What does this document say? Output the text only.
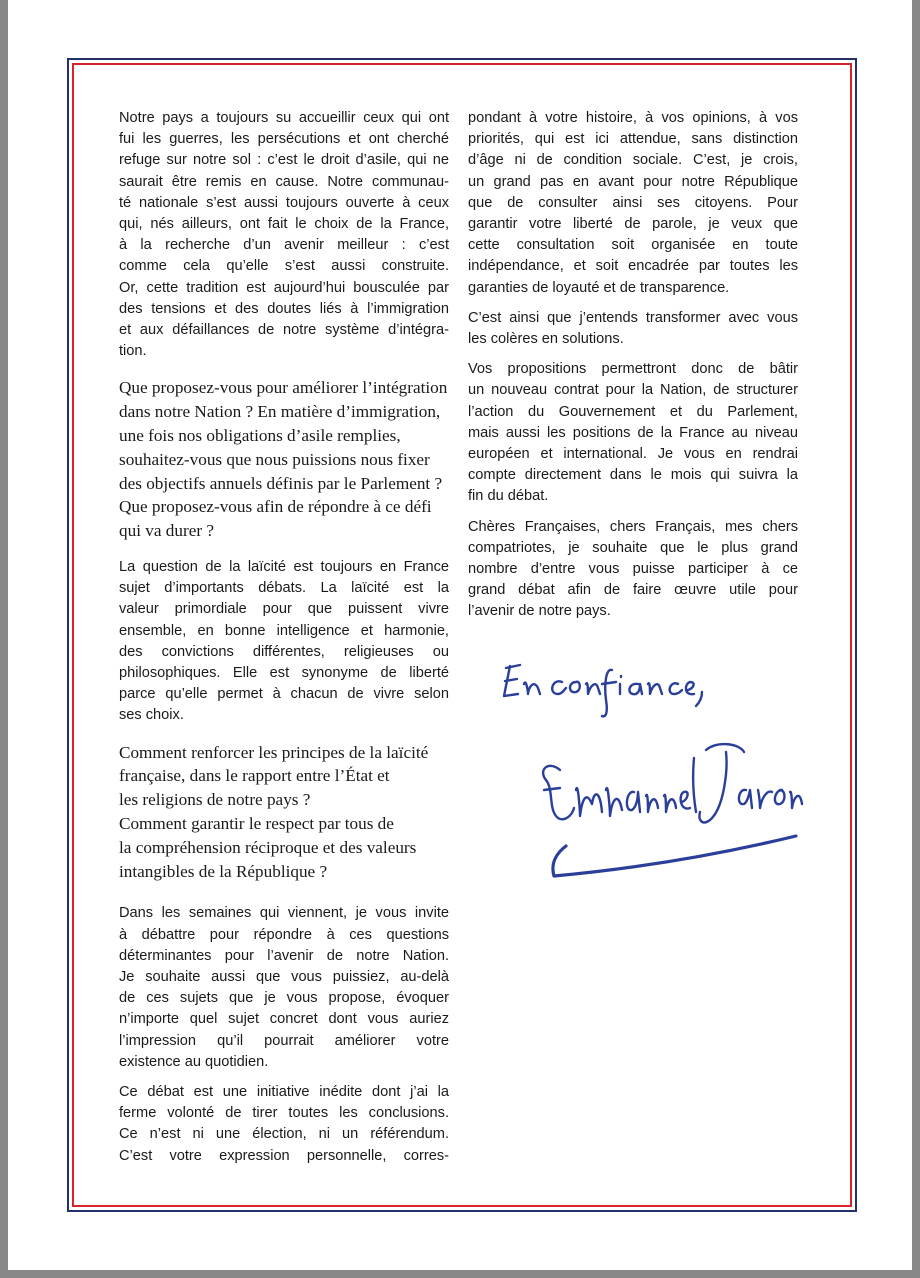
Notre pays a toujours su accueillir ceux qui ont
fui les guerres, les persécutions et ont cherché
refuge sur notre sol : c’est le droit d’asile, qui ne
saurait être remis en cause. Notre communau-
té nationale s’est aussi toujours ouverte à ceux
qui, nés ailleurs, ont fait le choix de la France,
à la recherche d’un avenir meilleur : c’est
comme cela qu’elle s’est aussi construite.
Or, cette tradition est aujourd’hui bousculée par
des tensions et des doutes liés à l’immigration
et aux défaillances de notre système d’intégra-
tion.
Que proposez-vous pour améliorer l’intégration
dans notre Nation ? En matière d’immigration,
une fois nos obligations d’asile remplies,
souhaitez-vous que nous puissions nous fixer
des objectifs annuels définis par le Parlement ?
Que proposez-vous afin de répondre à ce défi
qui va durer ?
La question de la laïcité est toujours en France
sujet d’importants débats. La laïcité est la
valeur primordiale pour que puissent vivre
ensemble, en bonne intelligence et harmonie,
des convictions différentes, religieuses ou
philosophiques. Elle est synonyme de liberté
parce qu’elle permet à chacun de vivre selon
ses choix.
Comment renforcer les principes de la laïcité
française, dans le rapport entre l’État et
les religions de notre pays ?
Comment garantir le respect par tous de
la compréhension réciproque et des valeurs
intangibles de la République ?
Dans les semaines qui viennent, je vous invite
à débattre pour répondre à ces questions
déterminantes pour l’avenir de notre Nation.
Je souhaite aussi que vous puissiez, au-delà
de ces sujets que je vous propose, évoquer
n’importe quel sujet concret dont vous auriez
l’impression qu’il pourrait améliorer votre
existence au quotidien.
Ce débat est une initiative inédite dont j’ai la
ferme volonté de tirer toutes les conclusions.
Ce n’est ni une élection, ni un référendum.
C’est votre expression personnelle, corres-
pondant à votre histoire, à vos opinions, à vos
priorités, qui est ici attendue, sans distinction
d’âge ni de condition sociale. C’est, je crois,
un grand pas en avant pour notre République
que de consulter ainsi ses citoyens. Pour
garantir votre liberté de parole, je veux que
cette consultation soit organisée en toute
indépendance, et soit encadrée par toutes les
garanties de loyauté et de transparence.
C’est ainsi que j’entends transformer avec vous
les colères en solutions.
Vos propositions permettront donc de bâtir
un nouveau contrat pour la Nation, de structurer
l’action du Gouvernement et du Parlement,
mais aussi les positions de la France au niveau
européen et international. Je vous en rendrai
compte directement dans le mois qui suivra la
fin du débat.
Chères Françaises, chers Français, mes chers
compatriotes, je souhaite que le plus grand
nombre d’entre vous puisse participer à ce
grand débat afin de faire œuvre utile pour
l’avenir de notre pays.
